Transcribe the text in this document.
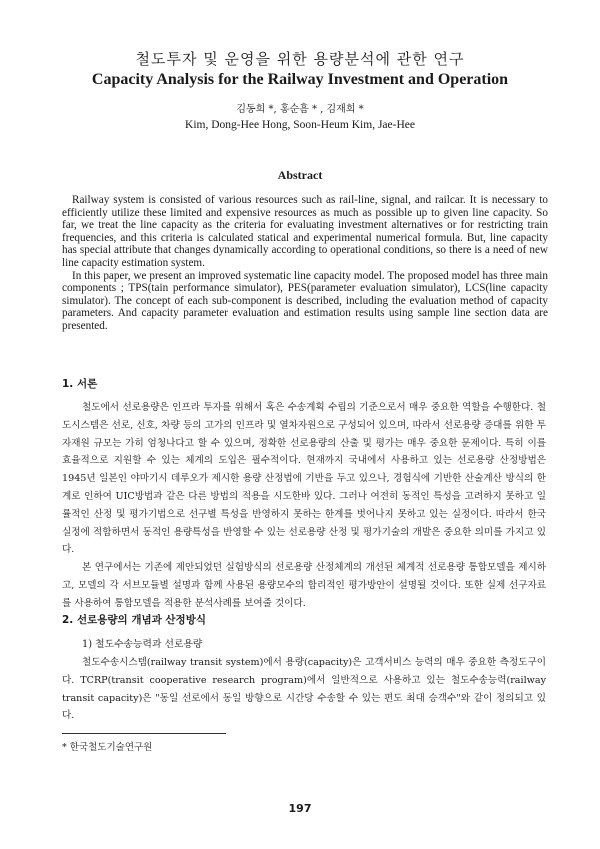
철도투자 및 운영을 위한 용량분석에 관한 연구
Capacity Analysis for the Railway Investment and Operation
김동희 *, 홍순흠 * , 김재희 *
Kim, Dong-Hee Hong, Soon-Heum Kim, Jae-Hee
Abstract

Railway system is consisted of various resources such as rail-line, signal, and railcar. It is necessary to efficiently utilize these limited and expensive resources as much as possible up to given line capacity. So far, we treat the line capacity as the criteria for evaluating investment alternatives or for restricting train frequencies, and this criteria is calculated statical and experimental numerical formula. But, line capacity has special attribute that changes dynamically according to operational conditions, so there is a need of new line capacity estimation system.

In this paper, we present an improved systematic line capacity model. The proposed model has three main components ; TPS(tain performance simulator), PES(parameter evaluation simulator), LCS(line capacity simulator). The concept of each sub-component is described, including the evaluation method of capacity parameters. And capacity parameter evaluation and estimation results using sample line section data are presented.

1. 서론

철도에서 선로용량은 인프라 투자를 위해서 혹은 수송계획 수립의 기준으로서 매우 중요한 역할을 수행한다. 철도시스템은 선로, 신호, 차량 등의 고가의 인프라 및 열차자원으로 구성되어 있으며, 따라서 선로용량 증대를 위한 투자재원 규모는 가히 엄청나다고 할 수 있으며, 정확한 선로용량의 산출 및 평가는 매우 중요한 문제이다. 특히 이를 효율적으로 지원할 수 있는 체계의 도입은 필수적이다. 현재까지 국내에서 사용하고 있는 선로용량 산정방법은 1945년 일본인 야마기시 데루오가 제시한 용량 산정법에 기반을 두고 있으나, 경험식에 기반한 산술계산 방식의 한계로 인하여 UIC방법과 같은 다른 방법의 적용을 시도한바 있다. 그러나 여전히 동적인 특성을 고려하지 못하고 일률적인 산정 및 평가기법으로 선구별 특성을 반영하지 못하는 한계를 벗어나지 못하고 있는 실정이다. 따라서 한국 실정에 적합하면서 동적인 용량특성을 반영할 수 있는 선로용량 산정 및 평가기술의 개발은 중요한 의미를 가지고 있다.

본 연구에서는 기존에 제안되었던 실험방식의 선로용량 산정체계의 개선된 체계적 선로용량 통합모델을 제시하고, 모델의 각 서브모듈별 설명과 함께 사용된 용량모수의 합리적인 평가방안이 설명될 것이다. 또한 실제 선구자료를 사용하여 통합모델을 적용한 분석사례를 보여줄 것이다.

2. 선로용량의 개념과 산정방식
1) 철도수송능력과 선로용량

철도수송시스템(railway transit system)에서 용량(capacity)은 고객서비스 능력의 매우 중요한 측정도구이다. TCRP(transit cooperative research program)에서 일반적으로 사용하고 있는 철도수송능력(railway transit capacity)은 "동일 선로에서 동일 방향으로 시간당 수송할 수 있는 편도 최대 승객수"와 같이 정의되고 있다.

* 한국철도기술연구원
197
